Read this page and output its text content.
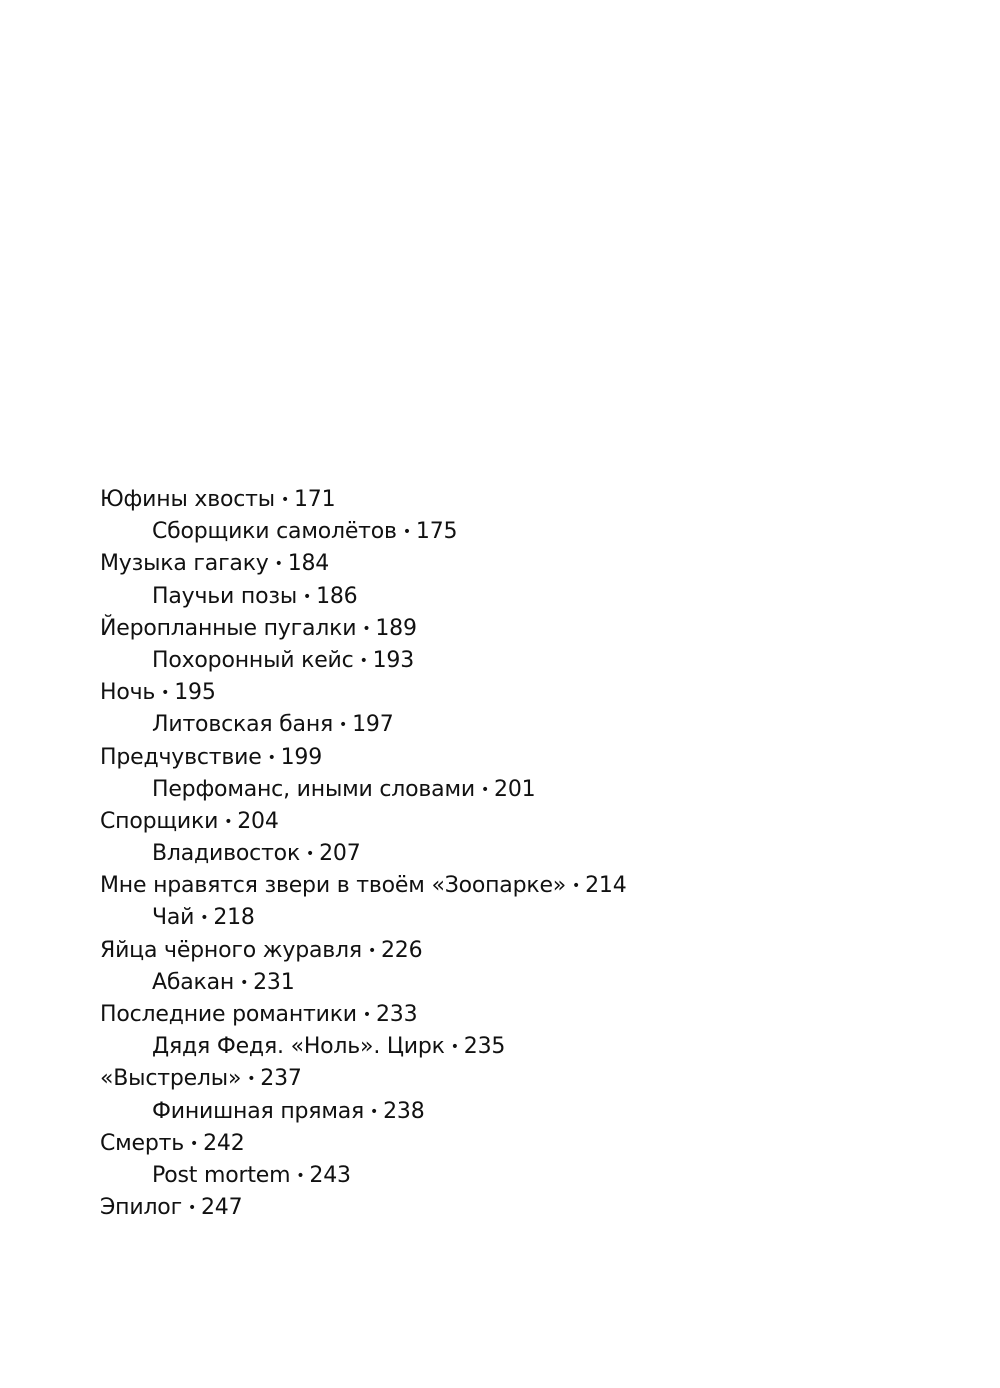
Юфины хвосты • 171
Сборщики самолётов • 175
Музыка гагаку • 184
Паучьи позы • 186
Йеропланные пугалки • 189
Похоронный кейс • 193
Ночь • 195
Литовская баня • 197
Предчувствие • 199
Перфоманс, иными словами • 201
Спорщики • 204
Владивосток • 207
Мне нравятся звери в твоём «Зоопарке» • 214
Чай • 218
Яйца чёрного журавля • 226
Абакан • 231
Последние романтики • 233
Дядя Федя. «Ноль». Цирк • 235
«Выстрелы» • 237
Финишная прямая • 238
Смерть • 242
Post mortem • 243
Эпилог • 247
